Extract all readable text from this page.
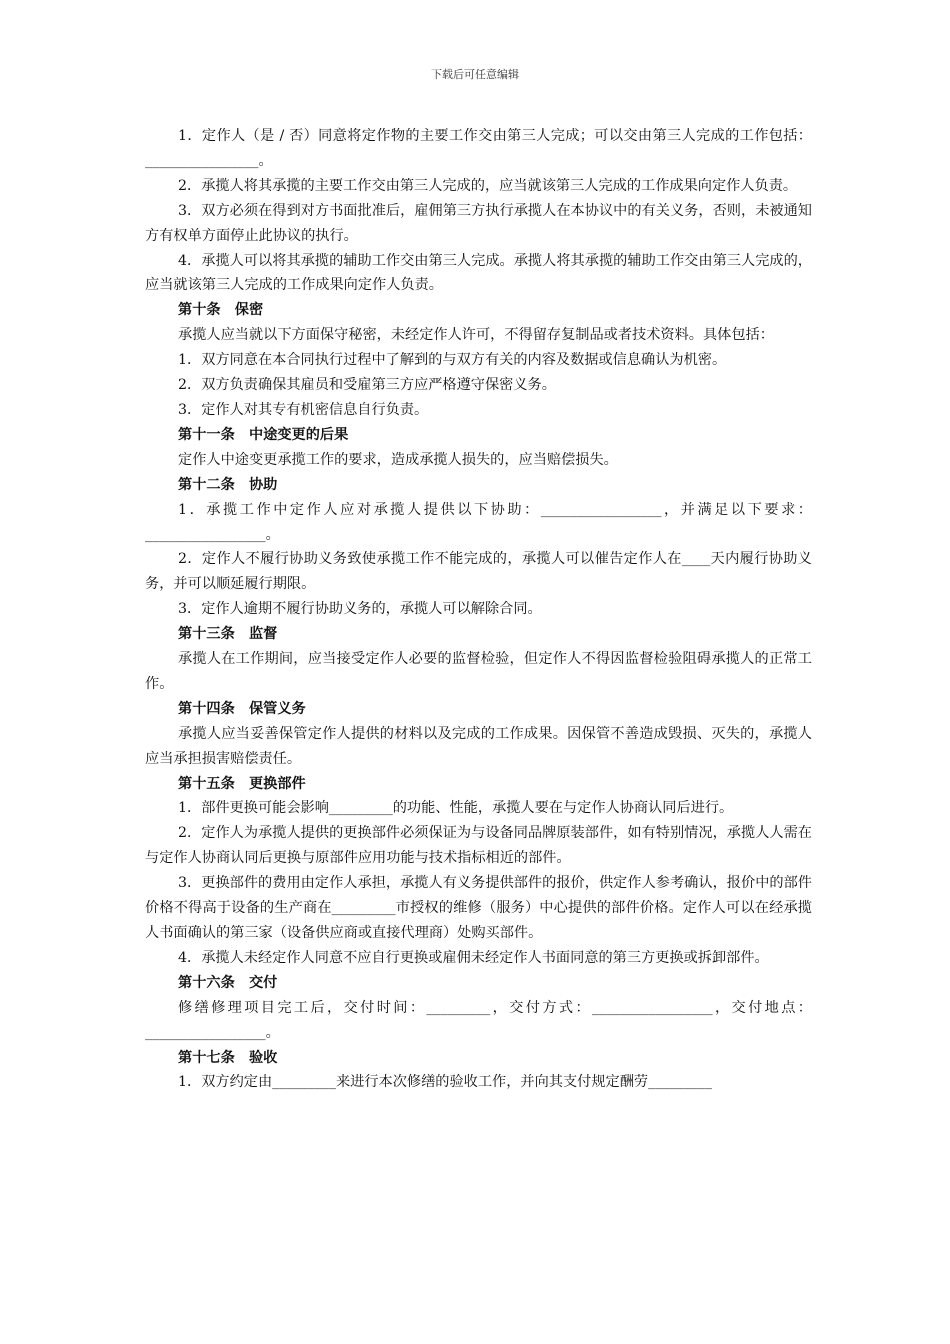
下载后可任意编辑

1．定作人（是 / 否）同意将定作物的主要工作交由第三人完成；可以交由第三人完成的工作包括：________________。

2．承揽人将其承揽的主要工作交由第三人完成的，应当就该第三人完成的工作成果向定作人负责。

3．双方必须在得到对方书面批准后，雇佣第三方执行承揽人在本协议中的有关义务，否则，未被通知方有权单方面停止此协议的执行。

4．承揽人可以将其承揽的辅助工作交由第三人完成。承揽人将其承揽的辅助工作交由第三人完成的，应当就该第三人完成的工作成果向定作人负责。

第十条　保密

承揽人应当就以下方面保守秘密，未经定作人许可，不得留存复制品或者技术资料。具体包括：

1．双方同意在本合同执行过程中了解到的与双方有关的内容及数据或信息确认为机密。

2．双方负责确保其雇员和受雇第三方应严格遵守保密义务。

3．定作人对其专有机密信息自行负责。

第十一条　中途变更的后果

定作人中途变更承揽工作的要求，造成承揽人损失的，应当赔偿损失。

第十二条　协助

1．承揽工作中定作人应对承揽人提供以下协助：_________________，并满足以下要求：_________________。

2．定作人不履行协助义务致使承揽工作不能完成的，承揽人可以催告定作人在____天内履行协助义务，并可以顺延履行期限。

3．定作人逾期不履行协助义务的，承揽人可以解除合同。

第十三条　监督

承揽人在工作期间，应当接受定作人必要的监督检验，但定作人不得因监督检验阻碍承揽人的正常工作。

第十四条　保管义务

承揽人应当妥善保管定作人提供的材料以及完成的工作成果。因保管不善造成毁损、灭失的，承揽人应当承担损害赔偿责任。

第十五条　更换部件

1．部件更换可能会影响_________的功能、性能，承揽人要在与定作人协商认同后进行。

2．定作人为承揽人提供的更换部件必须保证为与设备同品牌原装部件，如有特别情况，承揽人人需在与定作人协商认同后更换与原部件应用功能与技术指标相近的部件。

3．更换部件的费用由定作人承担，承揽人有义务提供部件的报价，供定作人参考确认，报价中的部件价格不得高于设备的生产商在_________市授权的维修（服务）中心提供的部件价格。定作人可以在经承揽人书面确认的第三家（设备供应商或直接代理商）处购买部件。

4．承揽人未经定作人同意不应自行更换或雇佣未经定作人书面同意的第三方更换或拆卸部件。

第十六条　交付

修缮修理项目完工后，交付时间：_________，交付方式：_________________，交付地点：_________________。

第十七条　验收

1．双方约定由_________来进行本次修缮的验收工作，并向其支付规定酬劳_________
